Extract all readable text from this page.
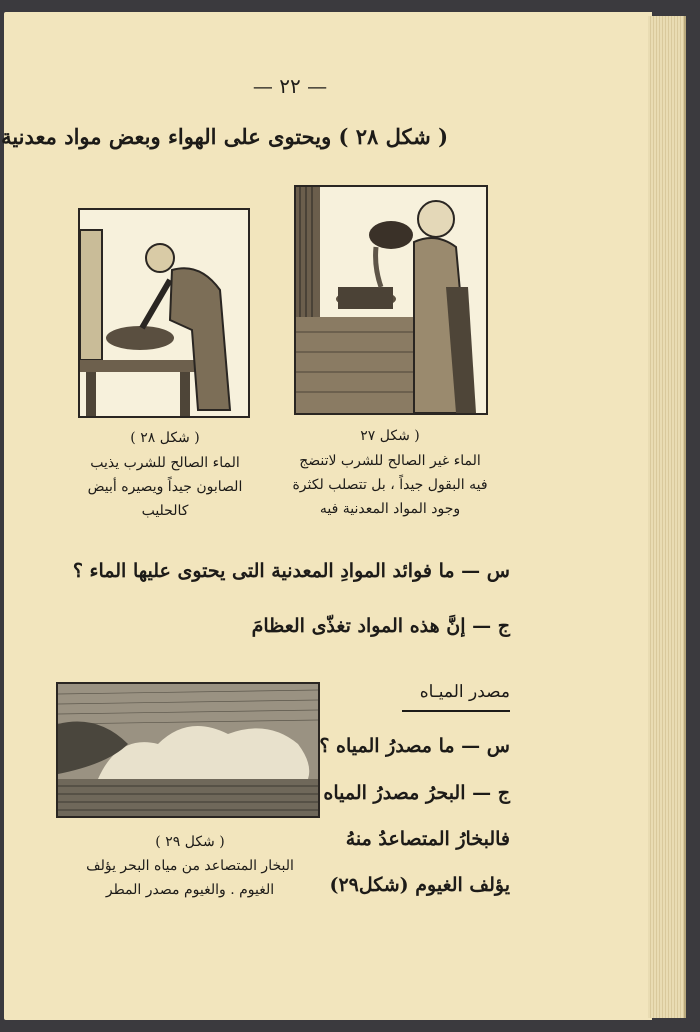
— ٢٢ —
( شكل ٢٨ ) ويحتوى على الهواء وبعض مواد معدنية
( شكل ٢٨ )
الماء الصالح للشرب يذيب
الصابون جيداً ويصيره أبيض
كالحليب
( شكل ٢٧
الماء غير الصالح للشرب لاتنضج
فيه البقول جيداً ، بل تتصلب لكثرة
وجود المواد المعدنية فيه
س — ما فوائد الموادِ المعدنية التى يحتوى عليها الماء ؟
ج — إنَّ هذه المواد تغذّى العظامَ
مصدر الميـاه
( شكل ٢٩ )
البخار المتصاعد من مياه البحر يؤلف
الغيوم . والغيوم مصدر المطر
س — ما مصدرُ المياه ؟
ج — البحرُ مصدرُ المياه
فالبخارُ المتصاعدُ منهُ
يؤلف الغيوم (شكل٢٩)
